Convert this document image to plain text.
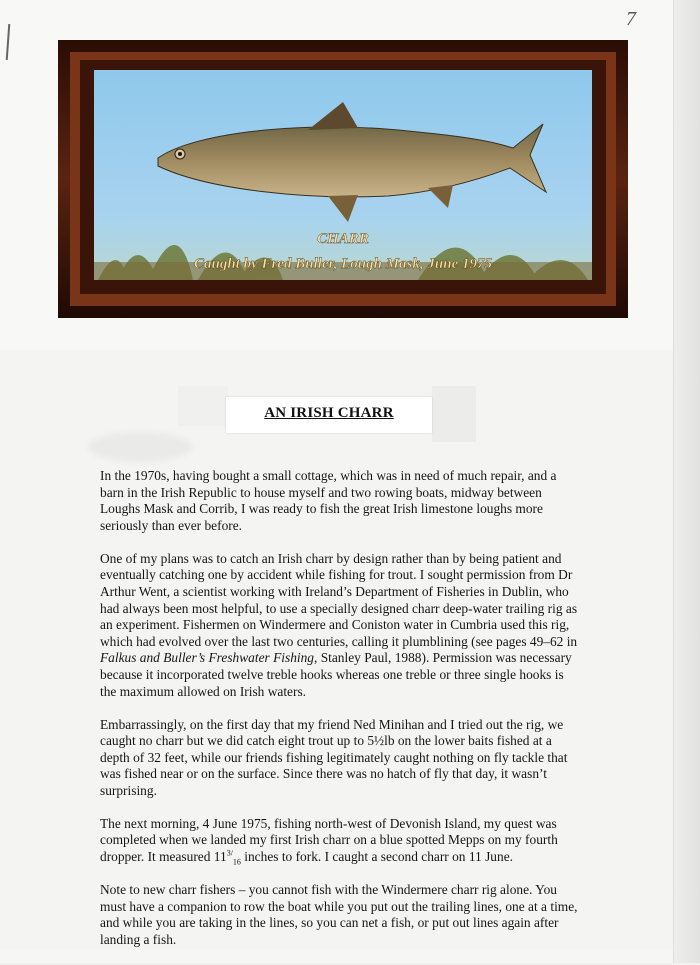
7
CHARR
Caught by Fred Buller, Lough Mask, June 1975
AN IRISH CHARR

In the 1970s, having bought a small cottage, which was in need of much repair, and a barn in the Irish Republic to house myself and two rowing boats, midway between Loughs Mask and Corrib, I was ready to fish the great Irish limestone loughs more seriously than ever before.

One of my plans was to catch an Irish charr by design rather than by being patient and eventually catching one by accident while fishing for trout. I sought permission from Dr Arthur Went, a scientist working with Ireland’s Department of Fisheries in Dublin, who had always been most helpful, to use a specially designed charr deep-water trailing rig as an experiment. Fishermen on Windermere and Coniston water in Cumbria used this rig, which had evolved over the last two centuries, calling it plumblining (see pages 49–62 in Falkus and Buller’s Freshwater Fishing, Stanley Paul, 1988). Permission was necessary because it incorporated twelve treble hooks whereas one treble or three single hooks is the maximum allowed on Irish waters.

Embarrassingly, on the first day that my friend Ned Minihan and I tried out the rig, we caught no charr but we did catch eight trout up to 5½lb on the lower baits fished at a depth of 32 feet, while our friends fishing legitimately caught nothing on fly tackle that was fished near or on the surface. Since there was no hatch of fly that day, it wasn’t surprising.

The next morning, 4 June 1975, fishing north-west of Devonish Island, my quest was completed when we landed my first Irish charr on a blue spotted Mepps on my fourth dropper. It measured $11^{3/}_{16}$ inches to fork. I caught a second charr on 11 June.

Note to new charr fishers – you cannot fish with the Windermere charr rig alone. You must have a companion to row the boat while you put out the trailing lines, one at a time, and while you are taking in the lines, so you can net a fish, or put out lines again after landing a fish.
